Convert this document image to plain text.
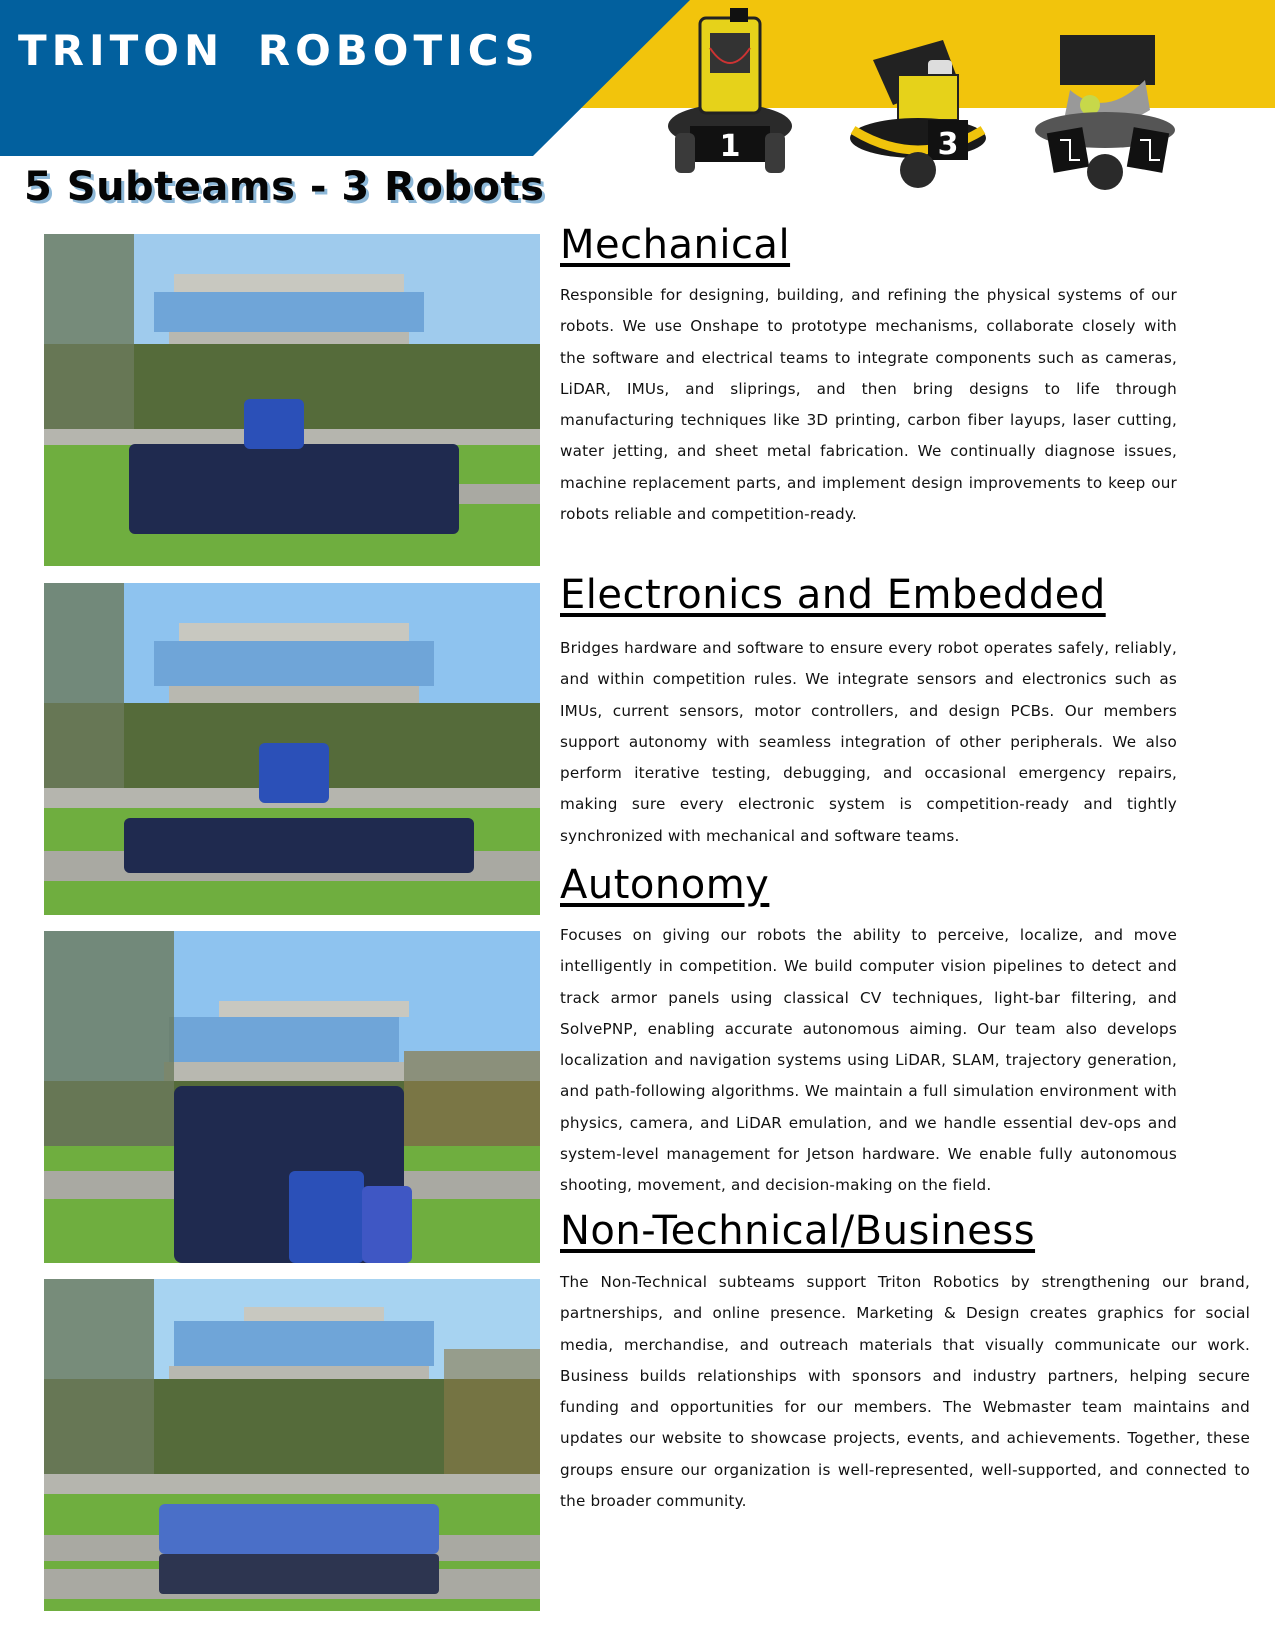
TRITON ROBOTICS
5 Subteams - 3 Robots
1	3
Mechanical
Responsible for designing, building, and refining the physical systems of our robots. We use Onshape to prototype mechanisms, collaborate closely with the software and electrical teams to integrate components such as cameras, LiDAR, IMUs, and sliprings, and then bring designs to life through manufacturing techniques like 3D printing, carbon fiber layups, laser cutting, water jetting, and sheet metal fabrication. We continually diagnose issues, machine replacement parts, and implement design improvements to keep our robots reliable and competition-ready.
Electronics and Embedded
Bridges hardware and software to ensure every robot operates safely, reliably, and within competition rules. We integrate sensors and electronics such as IMUs, current sensors, motor controllers, and design PCBs. Our members support autonomy with seamless integration of other peripherals. We also perform iterative testing, debugging, and occasional emergency repairs, making sure every electronic system is competition-ready and tightly synchronized with mechanical and software teams.
Autonomy
Focuses on giving our robots the ability to perceive, localize, and move intelligently in competition. We build computer vision pipelines to detect and track armor panels using classical CV techniques, light-bar filtering, and SolvePNP, enabling accurate autonomous aiming. Our team also develops localization and navigation systems using LiDAR, SLAM, trajectory generation, and path-following algorithms. We maintain a full simulation environment with physics, camera, and LiDAR emulation, and we handle essential dev-ops and system-level management for Jetson hardware. We enable fully autonomous shooting, movement, and decision-making on the field.
Non-Technical/Business
The Non-Technical subteams support Triton Robotics by strengthening our brand, partnerships, and online presence. Marketing & Design creates graphics for social media, merchandise, and outreach materials that visually communicate our work. Business builds relationships with sponsors and industry partners, helping secure funding and opportunities for our members. The Webmaster team maintains and updates our website to showcase projects, events, and achievements. Together, these groups ensure our organization is well-represented, well-supported, and connected to the broader community.
